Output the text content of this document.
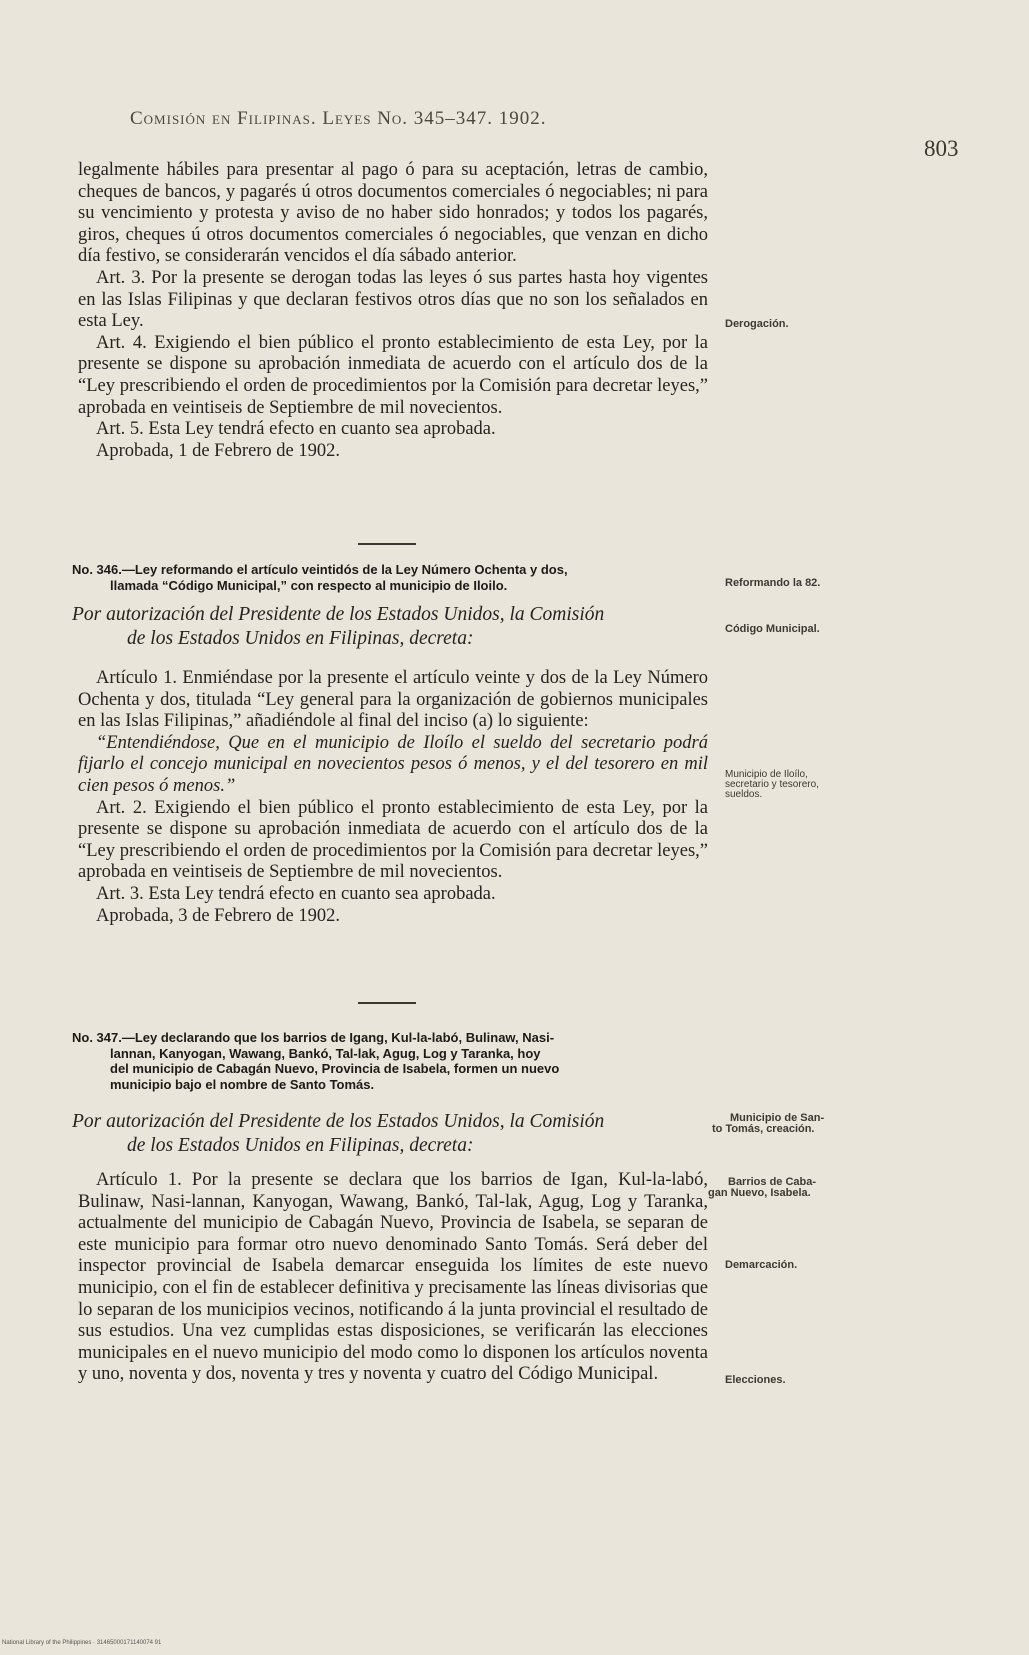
Comisión en Filipinas. Leyes No. 345–347. 1902.
803

legalmente hábiles para presentar al pago ó para su aceptación, letras de cambio, cheques de bancos, y pagarés ú otros documentos comerciales ó negociables; ni para su vencimiento y protesta y aviso de no haber sido honrados; y todos los pagarés, giros, cheques ú otros documentos comerciales ó negociables, que venzan en dicho día festivo, se considerarán vencidos el día sábado anterior.

Art. 3. Por la presente se derogan todas las leyes ó sus partes hasta hoy vigentes en las Islas Filipinas y que declaran festivos otros días que no son los señalados en esta Ley.

Art. 4. Exigiendo el bien público el pronto establecimiento de esta Ley, por la presente se dispone su aprobación inmediata de acuerdo con el artículo dos de la “Ley prescribiendo el orden de procedimientos por la Comisión para decretar leyes,” aprobada en veintiseis de Septiembre de mil novecientos.

Art. 5. Esta Ley tendrá efecto en cuanto sea aprobada.

Aprobada, 1 de Febrero de 1902.

No. 346.—Ley reformando el artículo veintidós de la Ley Número Ochenta y dos,
llamada “Código Municipal,” con respecto al municipio de Iloilo.
Por autorización del Presidente de los Estados Unidos, la Comisión
de los Estados Unidos en Filipinas, decreta:

Artículo 1. Enmiéndase por la presente el artículo veinte y dos de la Ley Número Ochenta y dos, titulada “Ley general para la organización de gobiernos municipales en las Islas Filipinas,” añadiéndole al final del inciso (a) lo siguiente:

“Entendiéndose, Que en el municipio de Iloílo el sueldo del secretario podrá fijarlo el concejo municipal en novecientos pesos ó menos, y el del tesorero en mil cien pesos ó menos.”

Art. 2. Exigiendo el bien público el pronto establecimiento de esta Ley, por la presente se dispone su aprobación inmediata de acuerdo con el artículo dos de la “Ley prescribiendo el orden de procedimientos por la Comisión para decretar leyes,” aprobada en veintiseis de Septiembre de mil novecientos.

Art. 3. Esta Ley tendrá efecto en cuanto sea aprobada.

Aprobada, 3 de Febrero de 1902.

No. 347.—Ley declarando que los barrios de Igang, Kul-la-labó, Bulinaw, Nasi-
lannan, Kanyogan, Wawang, Bankó, Tal-lak, Agug, Log y Taranka, hoy
del municipio de Cabagán Nuevo, Provincia de Isabela, formen un nuevo
municipio bajo el nombre de Santo Tomás.
Por autorización del Presidente de los Estados Unidos, la Comisión
de los Estados Unidos en Filipinas, decreta:

Artículo 1. Por la presente se declara que los barrios de Igan, Kul-la-labó, Bulinaw, Nasi-lannan, Kanyogan, Wawang, Bankó, Tal-lak, Agug, Log y Taranka, actualmente del municipio de Cabagán Nuevo, Provincia de Isabela, se separan de este municipio para formar otro nuevo denominado Santo Tomás. Será deber del inspector provincial de Isabela demarcar enseguida los límites de este nuevo municipio, con el fin de establecer definitiva y precisamente las líneas divisorias que lo separan de los municipios vecinos, notificando á la junta provincial el resultado de sus estudios. Una vez cumplidas estas disposiciones, se verificarán las elecciones municipales en el nuevo municipio del modo como lo disponen los artículos noventa y uno, noventa y dos, noventa y tres y noventa y cuatro del Código Municipal.

Derogación.
Reformando la 82.
Código Municipal.
Municipio de Iloílo,
secretario y tesorero,
sueldos.
Municipio de San-
to Tomás, creación.
Barrios de Caba-
gan Nuevo, Isabela.
Demarcación.
Elecciones.
National Library of the Philippines · 31465000171140074 91
